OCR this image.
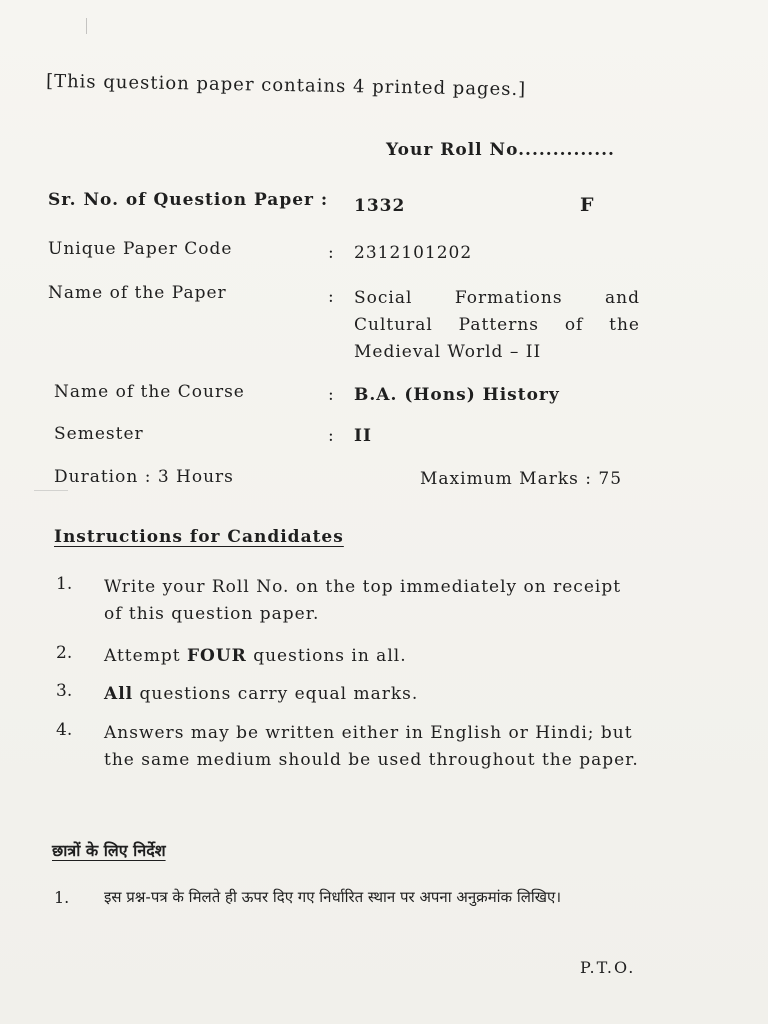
[This question paper contains 4 printed pages.]
Your Roll No..............
Sr. No. of Question Paper : 1332	F
Unique Paper Code	: 2312101202
Name of the Paper	: Social Formations and Cultural Patterns of the Medieval World – II
Name of the Course	: B.A. (Hons) History
Semester	: II
Duration : 3 Hours	Maximum Marks : 75
Instructions for Candidates
1. Write your Roll No. on the top immediately on receipt of this question paper.
2. Attempt FOUR questions in all.
3. All questions carry equal marks.
4. Answers may be written either in English or Hindi; but the same medium should be used throughout the paper.
छात्रों के लिए निर्देश
1. इस प्रश्न-पत्र के मिलते ही ऊपर दिए गए निर्धारित स्थान पर अपना अनुक्रमांक लिखिए।
P.T.O.
